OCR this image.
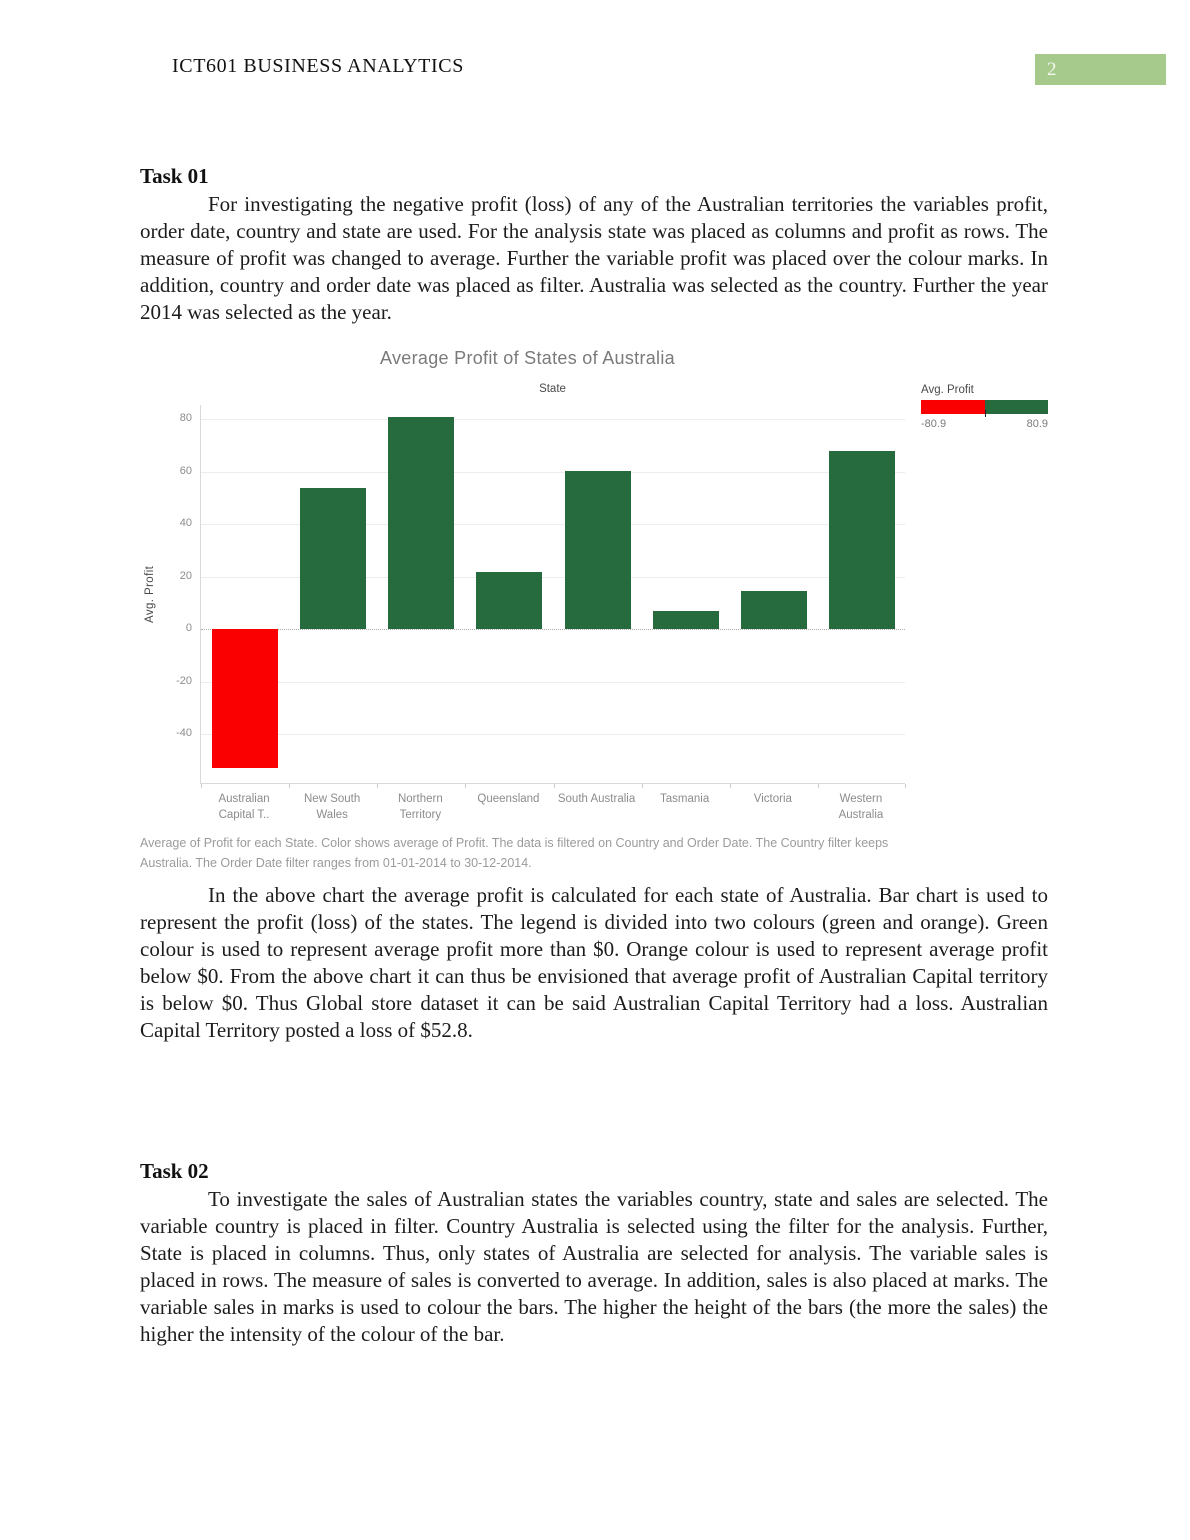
ICT601 BUSINESS ANALYTICS	2
Task 01

For investigating the negative profit (loss) of any of the Australian territories the variables profit, order date, country and state are used. For the analysis state was placed as columns and profit as rows. The measure of profit was changed to average. Further the variable profit was placed over the colour marks. In addition, country and order date was placed as filter. Australia was selected as the country. Further the year 2014 was selected as the year.

Average Profit of States of Australia
State	Avg. Profit
-80.9	80.9
Avg. Profit
80
60
40
20
0
-20
-40
Australian
Capital T..
New South
Wales
Northern
Territory
Queensland	South Australia	Tasmania	Victoria	Western
Australia
Average of Profit for each State. Color shows average of Profit. The data is filtered on Country and Order Date. The Country filter keeps
Australia. The Order Date filter ranges from 01-01-2014 to 30-12-2014.

In the above chart the average profit is calculated for each state of Australia. Bar chart is used to represent the profit (loss) of the states. The legend is divided into two colours (green and orange). Green colour is used to represent average profit more than $0. Orange colour is used to represent average profit below $0. From the above chart it can thus be envisioned that average profit of Australian Capital territory is below $0. Thus Global store dataset it can be said Australian Capital Territory had a loss. Australian Capital Territory posted a loss of $52.8.

Task 02

To investigate the sales of Australian states the variables country, state and sales are selected. The variable country is placed in filter. Country Australia is selected using the filter for the analysis. Further, State is placed in columns. Thus, only states of Australia are selected for analysis. The variable sales is placed in rows. The measure of sales is converted to average. In addition, sales is also placed at marks. The variable sales in marks is used to colour the bars. The higher the height of the bars (the more the sales) the higher the intensity of the colour of the bar.
